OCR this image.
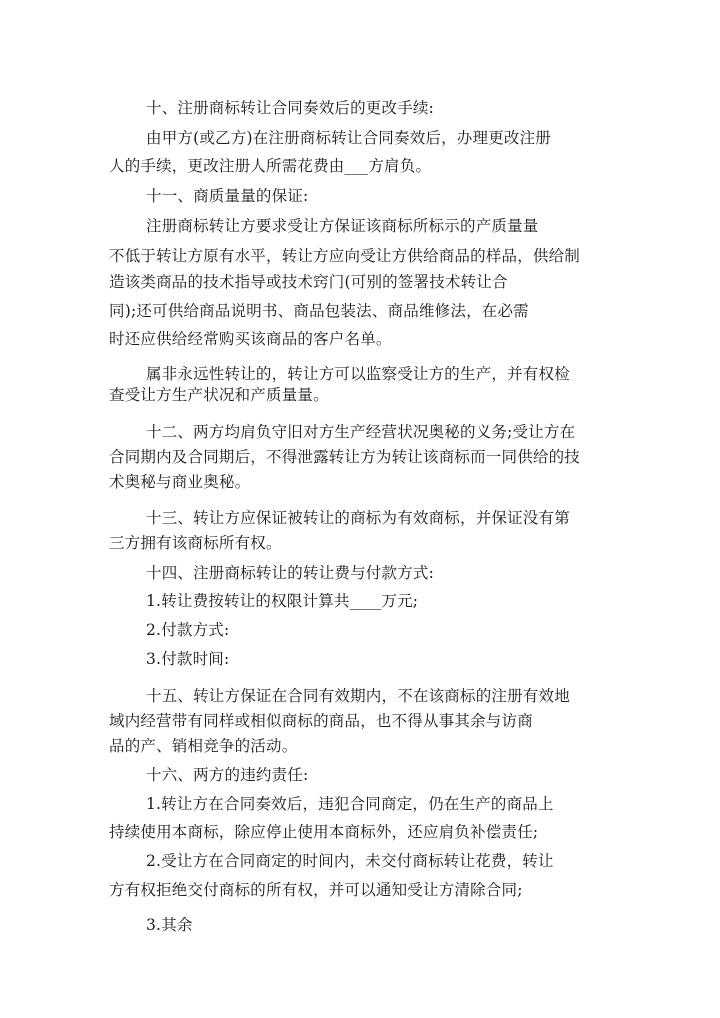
十、注册商标转让合同奏效后的更改手续:
由甲方(或乙方)在注册商标转让合同奏效后，办理更改注册
人的手续，更改注册人所需花费由___方肩负。
十一、商质量量的保证:
注册商标转让方要求受让方保证该商标所标示的产质量量
不低于转让方原有水平，转让方应向受让方供给商品的样品，供给制
造该类商品的技术指导或技术窍门(可别的签署技术转让合
同);还可供给商品说明书、商品包装法、商品维修法，在必需
时还应供给经常购买该商品的客户名单。
属非永远性转让的，转让方可以监察受让方的生产，并有权检
查受让方生产状况和产质量量。
十二、两方均肩负守旧对方生产经营状况奥秘的义务;受让方在
合同期内及合同期后，不得泄露转让方为转让该商标而一同供给的技
术奥秘与商业奥秘。
十三、转让方应保证被转让的商标为有效商标，并保证没有第
三方拥有该商标所有权。
十四、注册商标转让的转让费与付款方式:
1.转让费按转让的权限计算共____万元;
2.付款方式:
3.付款时间:
十五、转让方保证在合同有效期内，不在该商标的注册有效地
域内经营带有同样或相似商标的商品，也不得从事其余与访商
品的产、销相竞争的活动。
十六、两方的违约责任:
1.转让方在合同奏效后，违犯合同商定，仍在生产的商品上
持续使用本商标，除应停止使用本商标外，还应肩负补偿责任;
2.受让方在合同商定的时间内，未交付商标转让花费，转让
方有权拒绝交付商标的所有权，并可以通知受让方清除合同;
3.其余
